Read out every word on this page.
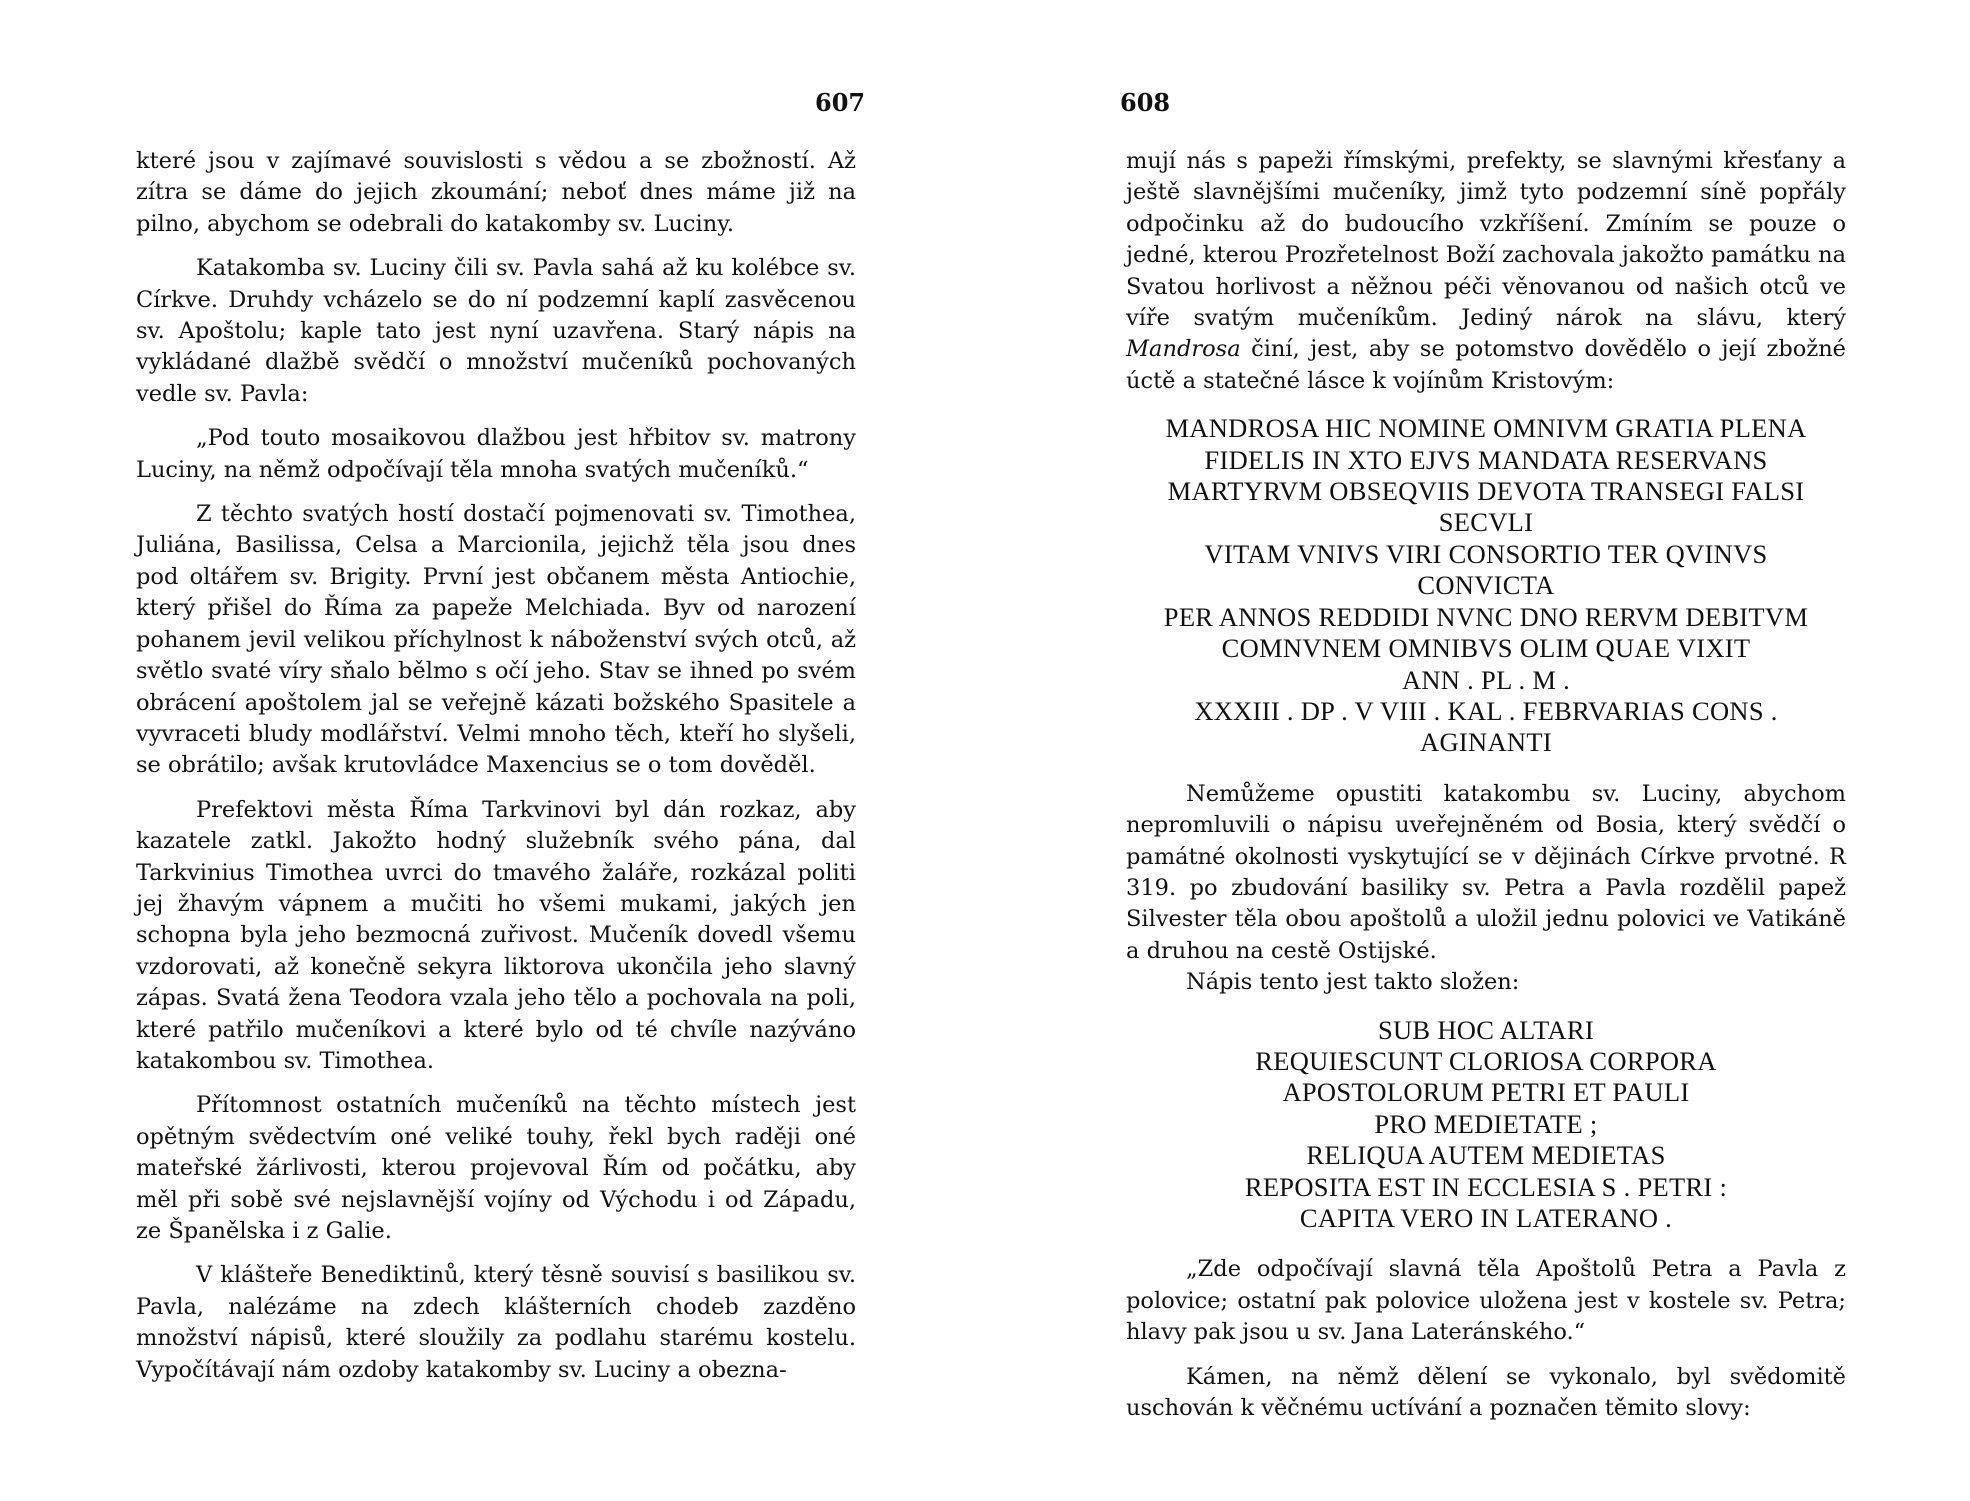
607

které jsou v zajímavé souvislosti s vědou a se zbožností. Až zítra se dáme do jejich zkoumání; neboť dnes máme již na pilno, abychom se odebrali do katakomby sv. Luciny.

Katakomba sv. Luciny čili sv. Pavla sahá až ku kolébce sv. Církve. Druhdy vcházelo se do ní podzemní kaplí zasvěcenou sv. Apoštolu; kaple tato jest nyní uzavřena. Starý nápis na vykládané dlažbě svědčí o množství mučeníků pochovaných vedle sv. Pavla:

„Pod touto mosaikovou dlažbou jest hřbitov sv. matrony Luciny, na němž odpočívají těla mnoha svatých mučeníků.“

Z těchto svatých hostí dostačí pojmenovati sv. Timothea, Juliána, Basilissa, Celsa a Marcionila, jejichž těla jsou dnes pod oltářem sv. Brigity. První jest občanem města Antiochie, který přišel do Říma za papeže Melchiada. Byv od narození pohanem jevil velikou příchylnost k náboženství svých otců, až světlo svaté víry sňalo bělmo s očí jeho. Stav se ihned po svém obrácení apoštolem jal se veřejně kázati božského Spasitele a vyvraceti bludy modlářství. Velmi mnoho těch, kteří ho slyšeli, se obrátilo; avšak krutovládce Maxencius se o tom dověděl.

Prefektovi města Říma Tarkvinovi byl dán rozkaz, aby kazatele zatkl. Jakožto hodný služebník svého pána, dal Tarkvinius Timothea uvrci do tmavého žaláře, rozkázal politi jej žhavým vápnem a mučiti ho všemi mukami, jakých jen schopna byla jeho bezmocná zuřivost. Mučeník dovedl všemu vzdorovati, až konečně sekyra liktorova ukončila jeho slavný zápas. Svatá žena Teodora vzala jeho tělo a pochovala na poli, které patřilo mučeníkovi a které bylo od té chvíle nazýváno katakombou sv. Timothea.

Přítomnost ostatních mučeníků na těchto místech jest opětným svědectvím oné veliké touhy, řekl bych raději oné mateřské žárlivosti, kterou projevoval Řím od počátku, aby měl při sobě své nejslavnější vojíny od Východu i od Západu, ze Španělska i z Galie.

V klášteře Benediktinů, který těsně souvisí s basilikou sv. Pavla, nalézáme na zdech klášterních chodeb zazděno množství nápisů, které sloužily za podlahu starému kostelu. Vypočítávají nám ozdoby katakomby sv. Luciny a obezna-

608

mují nás s papeži římskými, prefekty, se slavnými křesťany a ještě slavnějšími mučeníky, jimž tyto podzemní síně popřály odpočinku až do budoucího vzkříšení. Zmíním se pouze o jedné, kterou Prozřetelnost Boží zachovala jakožto památku na Svatou horlivost a něžnou péči věnovanou od našich otců ve víře svatým mučeníkům. Jediný nárok na slávu, který Mandrosa činí, jest, aby se potomstvo dovědělo o její zbožné úctě a statečné lásce k vojínům Kristovým:

MANDROSA HIC NOMINE OMNIVM GRATIA PLENA
FIDELIS IN XTO EJVS MANDATA RESERVANS
MARTYRVM OBSEQVIIS DEVOTA TRANSEGI FALSI
SECVLI
VITAM VNIVS VIRI CONSORTIO TER QVINVS
CONVICTA
PER ANNOS REDDIDI NVNC DNO RERVM DEBITVM
COMNVNEM OMNIBVS OLIM QUAE VIXIT
ANN . PL . M .
XXXIII . DP . V VIII . KAL . FEBRVARIAS CONS .
AGINANTI

Nemůžeme opustiti katakombu sv. Luciny, abychom nepromluvili o nápisu uveřejněném od Bosia, který svědčí o památné okolnosti vyskytující se v dějinách Církve prvotné. R 319. po zbudování basiliky sv. Petra a Pavla rozdělil papež Silvester těla obou apoštolů a uložil jednu polovici ve Vatikáně a druhou na cestě Ostijské.

Nápis tento jest takto složen:

SUB HOC ALTARI
REQUIESCUNT CLORIOSA CORPORA
APOSTOLORUM PETRI ET PAULI
PRO MEDIETATE ;
RELIQUA AUTEM MEDIETAS
REPOSITA EST IN ECCLESIA S . PETRI :
CAPITA VERO IN LATERANO .

„Zde odpočívají slavná těla Apoštolů Petra a Pavla z polovice; ostatní pak polovice uložena jest v kostele sv. Petra; hlavy pak jsou u sv. Jana Lateránského.“

Kámen, na němž dělení se vykonalo, byl svědomitě uschován k věčnému uctívání a poznačen těmito slovy:
